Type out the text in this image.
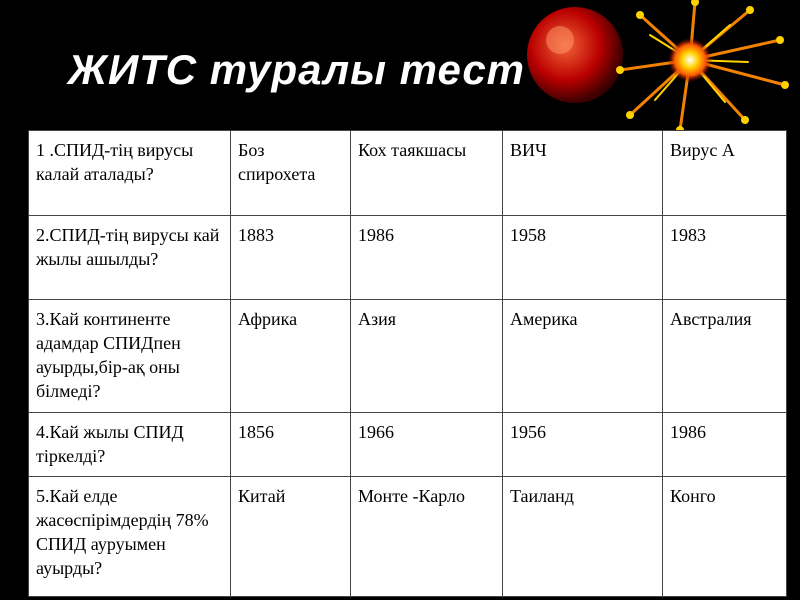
ЖИТС туралы тест
1 .СПИД-тің вирусы калай аталады?	Боз спирохета	Кох таякшасы	ВИЧ	Вирус А
2.СПИД-тің вирусы кай жылы ашылды?	1883	1986	1958	1983
3.Кай континенте адамдар СПИДпен ауырды,бір-ақ оны білмеді?	Африка	Азия	Америка	Австралия
4.Кай жылы СПИД тіркелді?	1856	1966	1956	1986
5.Кай елде жасөспірімдердің 78% СПИД ауруымен ауырды?	Китай	Монте -Карло	Таиланд	Конго
